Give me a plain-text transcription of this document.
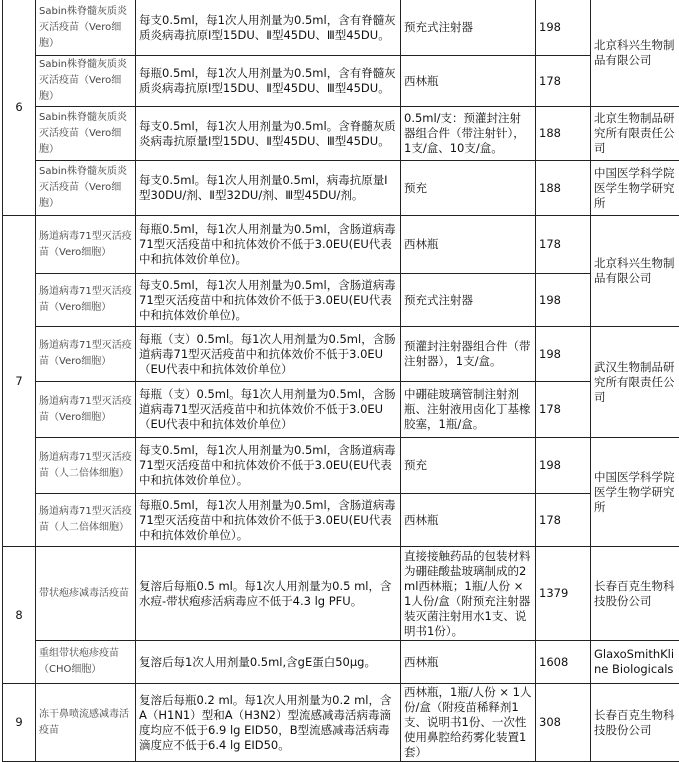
6	Sabin株脊髓灰质炎灭活疫苗（Vero细胞）	每支0.5ml，每1次人用剂量为0.5ml，含有脊髓灰质炎病毒抗原Ⅰ型15DU、Ⅱ型45DU、Ⅲ型45DU。	预充式注射器	198	北京科兴生物制品有限公司
	Sabin株脊髓灰质炎灭活疫苗（Vero细胞）	每瓶0.5ml，每1次人用剂量为0.5ml，含有脊髓灰质炎病毒抗原Ⅰ型15DU、Ⅱ型45DU、Ⅲ型45DU。	西林瓶	178	
	Sabin株脊髓灰质炎灭活疫苗（Vero细胞）	每支0.5ml，每1次人用剂量为0.5ml。含脊髓灰质炎病毒抗原量Ⅰ型15DU、Ⅱ型45DU、Ⅲ型45DU。	0.5ml/支：预灌封注射器组合件（带注射针），1支/盒、10支/盒。	188	北京生物制品研究所有限责任公司
	Sabin株脊髓灰质炎灭活疫苗（Vero细胞）	每支0.5ml。每1次人用剂量0.5ml，病毒抗原量Ⅰ型30DU/剂、Ⅱ型32DU/剂、Ⅲ型45DU/剂。	预充	188	中国医学科学院医学生物学研究所
7	肠道病毒71型灭活疫苗（Vero细胞）	每瓶0.5ml，每1次人用剂量为0.5ml，含肠道病毒71型灭活疫苗中和抗体效价不低于3.0EU(EU代表中和抗体效价单位)。	西林瓶	178	北京科兴生物制品有限公司
	肠道病毒71型灭活疫苗（Vero细胞）	每支0.5ml，每1次人用剂量为0.5ml，含肠道病毒71型灭活疫苗中和抗体效价不低于3.0EU(EU代表中和抗体效价单位)。	预充式注射器	198	
	肠道病毒71型灭活疫苗（Vero细胞）	每瓶（支）0.5ml。每1次人用剂量为0.5ml，含肠道病毒71型灭活疫苗中和抗体效价不低于3.0EU（EU代表中和抗体效价单位）	预灌封注射器组合件（带注射器），1支/盒。	198	武汉生物制品研究所有限责任公司
	肠道病毒71型灭活疫苗（Vero细胞）	每瓶（支）0.5ml。每1次人用剂量为0.5ml，含肠道病毒71型灭活疫苗中和抗体效价不低于3.0EU（EU代表中和抗体效价单位）	中硼硅玻璃管制注射剂瓶、注射液用卤化丁基橡胶塞，1瓶/盒。	178	
	肠道病毒71型灭活疫苗（人二倍体细胞）	每支0.5ml，每1次人用剂量为0.5ml，含肠道病毒71型灭活疫苗中和抗体效价不低于3.0EU(EU代表中和抗体效价单位）。	预充	198	中国医学科学院医学生物学研究所
	肠道病毒71型灭活疫苗（人二倍体细胞）	每瓶0.5ml，每1次人用剂量为0.5ml，含肠道病毒71型灭活疫苗中和抗体效价不低于3.0EU(EU代表中和抗体效价单位）。	西林瓶	178	
8	带状疱疹减毒活疫苗	复溶后每瓶0.5 ml。每1次人用剂量为0.5 ml，含水痘-带状疱疹活病毒应不低于4.3 lg PFU。	直接接触药品的包装材料为硼硅酸盐玻璃制成的2ml西林瓶；1瓶/人份 × 1人份/盒（附预充注射器装灭菌注射用水1支、说明书1份）。	1379	长春百克生物科技股份公司
	重组带状疱疹疫苗（CHO细胞）	复溶后每1次人用剂量0.5ml,含gE蛋白50μg。	西林瓶	1608	GlaxoSmithKline Biologicals
9	冻干鼻喷流感减毒活疫苗	复溶后每瓶0.2 ml。每1次人用剂量为0.2 ml，含A（H1N1）型和A（H3N2）型流感减毒活病毒滴度均应不低于6.9 lg EID50，B型流感减毒活病毒滴度应不低于6.4 lg EID50。	西林瓶，1瓶/人份 × 1人份/盒（附疫苗稀释剂1支、说明书1份、一次性使用鼻腔给药雾化装置1套）	308	长春百克生物科技股份公司
